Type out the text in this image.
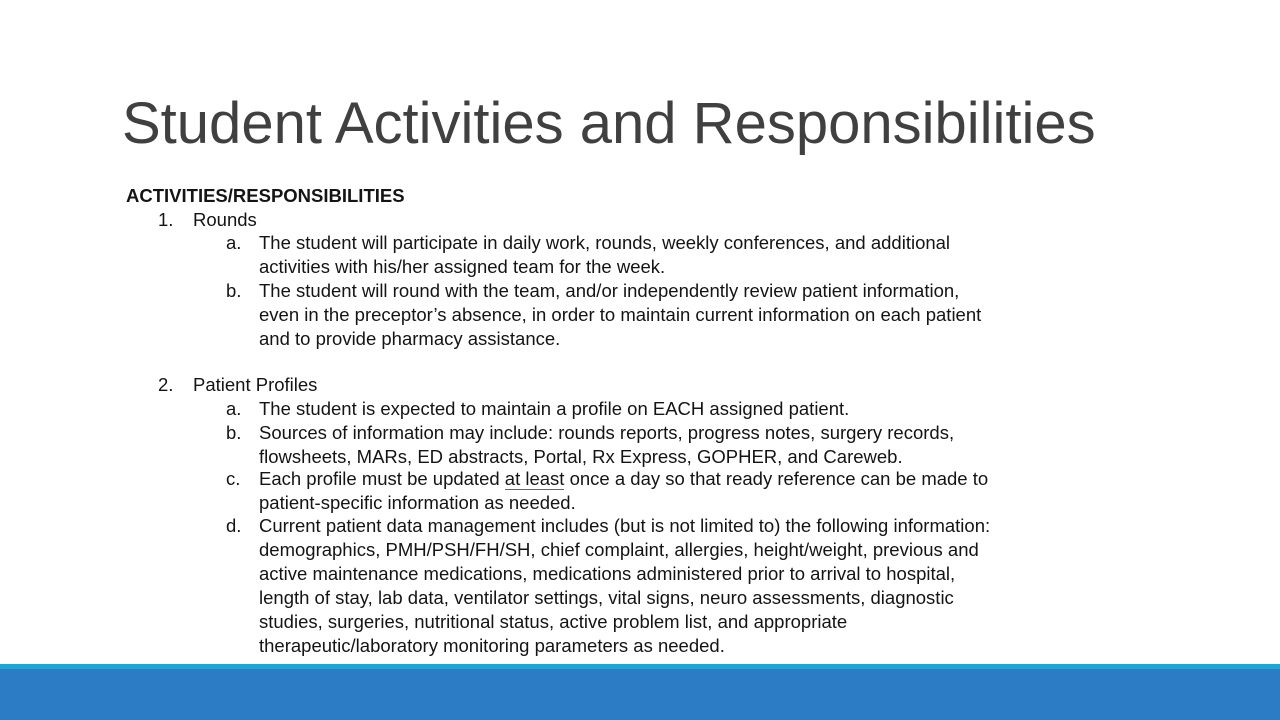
Student Activities and Responsibilities
ACTIVITIES/RESPONSIBILITIES
1. Rounds
a. The student will participate in daily work, rounds, weekly conferences, and additional
activities with his/her assigned team for the week.
b. The student will round with the team, and/or independently review patient information,
even in the preceptor’s absence, in order to maintain current information on each patient
and to provide pharmacy assistance.
2. Patient Profiles
a. The student is expected to maintain a profile on EACH assigned patient.
b. Sources of information may include: rounds reports, progress notes, surgery records,
flowsheets, MARs, ED abstracts, Portal, Rx Express, GOPHER, and Careweb.
c. Each profile must be updated at least once a day so that ready reference can be made to
patient-specific information as needed.
d. Current patient data management includes (but is not limited to) the following information:
demographics, PMH/PSH/FH/SH, chief complaint, allergies, height/weight, previous and
active maintenance medications, medications administered prior to arrival to hospital,
length of stay, lab data, ventilator settings, vital signs, neuro assessments, diagnostic
studies, surgeries, nutritional status, active problem list, and appropriate
therapeutic/laboratory monitoring parameters as needed.
